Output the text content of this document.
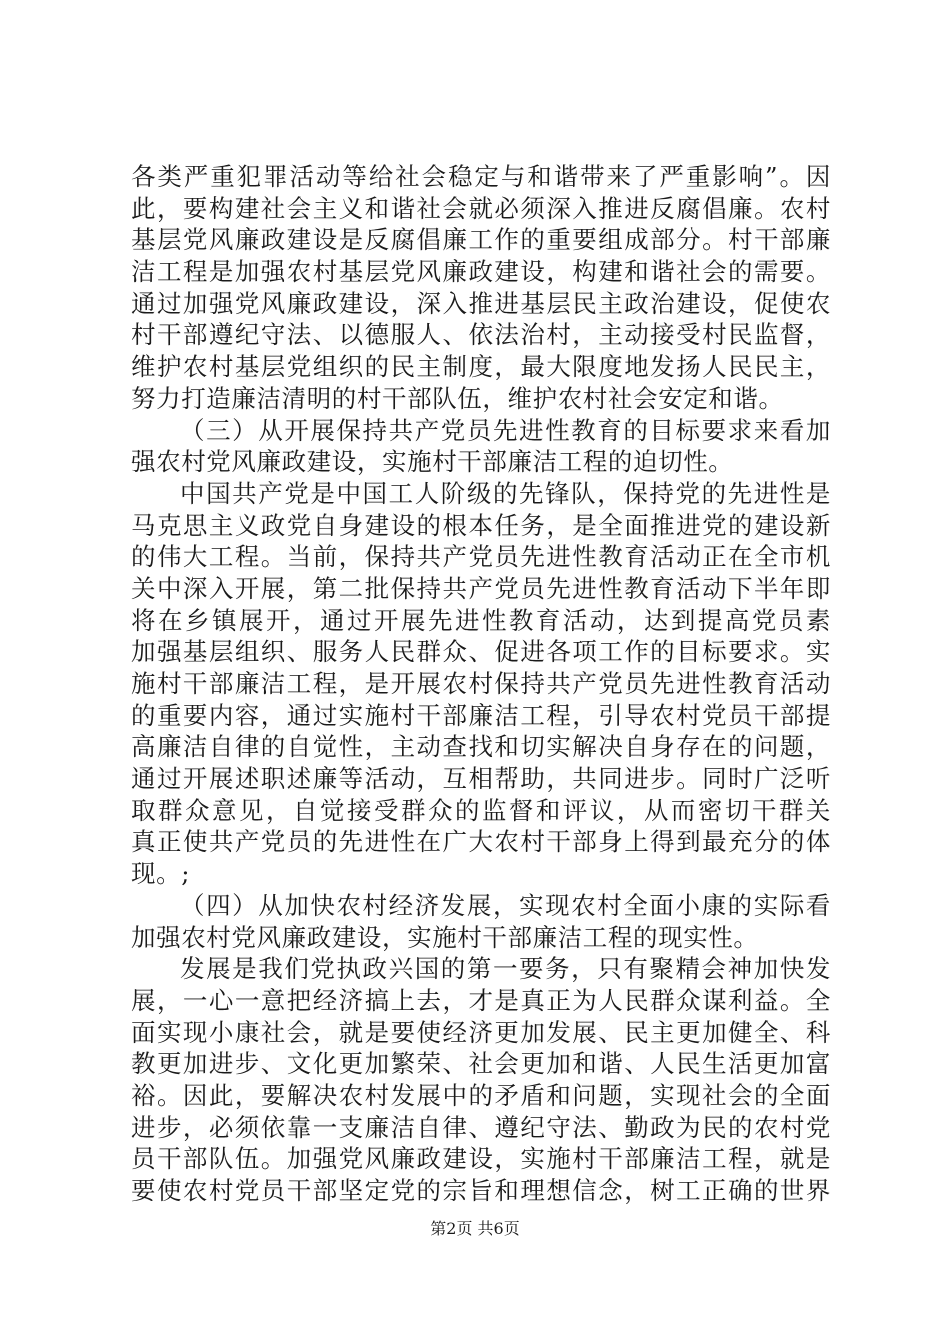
各类严重犯罪活动等给社会稳定与和谐带来了严重影响”。因
此，要构建社会主义和谐社会就必须深入推进反腐倡廉。农村
基层党风廉政建设是反腐倡廉工作的重要组成部分。村干部廉
洁工程是加强农村基层党风廉政建设，构建和谐社会的需要。
通过加强党风廉政建设，深入推进基层民主政治建设，促使农
村干部遵纪守法、以德服人、依法治村，主动接受村民监督，
维护农村基层党组织的民主制度，最大限度地发扬人民民主，
努力打造廉洁清明的村干部队伍，维护农村社会安定和谐。
（三）从开展保持共产党员先进性教育的目标要求来看加
强农村党风廉政建设，实施村干部廉洁工程的迫切性。
中国共产党是中国工人阶级的先锋队，保持党的先进性是
马克思主义政党自身建设的根本任务，是全面推进党的建设新
的伟大工程。当前，保持共产党员先进性教育活动正在全市机
关中深入开展，第二批保持共产党员先进性教育活动下半年即
将在乡镇展开，通过开展先进性教育活动，达到提高党员素
加强基层组织、服务人民群众、促进各项工作的目标要求。实
施村干部廉洁工程，是开展农村保持共产党员先进性教育活动
的重要内容，通过实施村干部廉洁工程，引导农村党员干部提
高廉洁自律的自觉性，主动查找和切实解决自身存在的问题，
通过开展述职述廉等活动，互相帮助，共同进步。同时广泛听
取群众意见，自觉接受群众的监督和评议，从而密切干群关
真正使共产党员的先进性在广大农村干部身上得到最充分的体
现。;
（四）从加快农村经济发展，实现农村全面小康的实际看
加强农村党风廉政建设，实施村干部廉洁工程的现实性。
发展是我们党执政兴国的第一要务，只有聚精会神加快发
展，一心一意把经济搞上去，才是真正为人民群众谋利益。全
面实现小康社会，就是要使经济更加发展、民主更加健全、科
教更加进步、文化更加繁荣、社会更加和谐、人民生活更加富
裕。因此，要解决农村发展中的矛盾和问题，实现社会的全面
进步，必须依靠一支廉洁自律、遵纪守法、勤政为民的农村党
员干部队伍。加强党风廉政建设，实施村干部廉洁工程，就是
要使农村党员干部坚定党的宗旨和理想信念，树工正确的世界
第2页 共6页
